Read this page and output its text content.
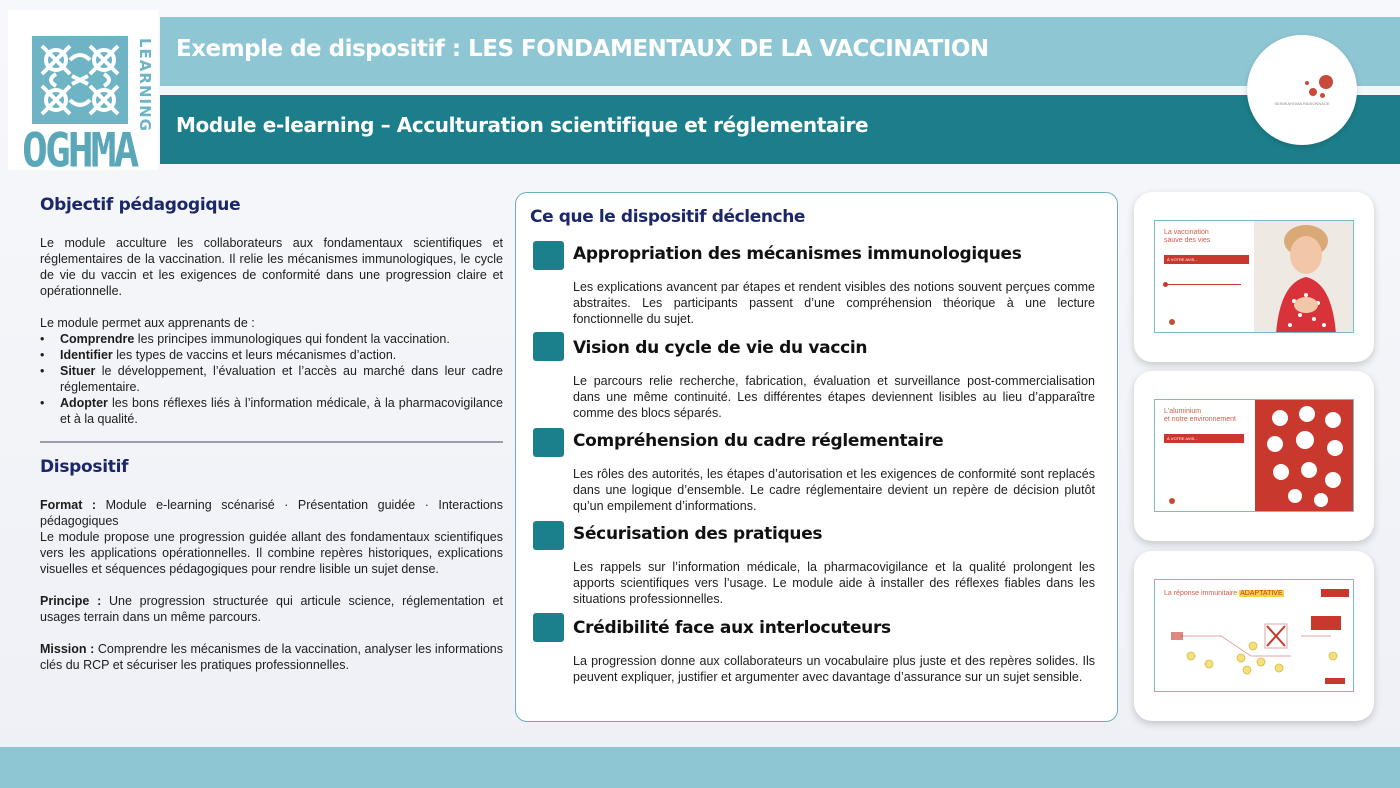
Exemple de dispositif : LES FONDAMENTAUX DE LA VACCINATION
Module e-learning – Acculturation scientifique et réglementaire
LEARNING
OGHMA
SEINIKAHOMA RAISONNAGE
Objectif pédagogique
Le module acculture les collaborateurs aux fondamentaux scientifiques et réglementaires de la vaccination. Il relie les mécanismes immunologiques, le cycle de vie du vaccin et les exigences de conformité dans une progression claire et opérationnelle.
Le module permet aux apprenants de :
• Comprendre les principes immunologiques qui fondent la vaccination.
• Identifier les types de vaccins et leurs mécanismes d’action.
• Situer le développement, l’évaluation et l’accès au marché dans leur cadre réglementaire.
• Adopter les bons réflexes liés à l’information médicale, à la pharmacovigilance et à la qualité.
Dispositif
Format : Module e-learning scénarisé · Présentation guidée · Interactions pédagogiques
Le module propose une progression guidée allant des fondamentaux scientifiques vers les applications opérationnelles. Il combine repères historiques, explications visuelles et séquences pédagogiques pour rendre lisible un sujet dense.
Principe : Une progression structurée qui articule science, réglementation et usages terrain dans un même parcours.
Mission : Comprendre les mécanismes de la vaccination, analyser les informations clés du RCP et sécuriser les pratiques professionnelles.
Ce que le dispositif déclenche
Appropriation des mécanismes immunologiques
Les explications avancent par étapes et rendent visibles des notions souvent perçues comme abstraites. Les participants passent d’une compréhension théorique à une lecture fonctionnelle du sujet.
Vision du cycle de vie du vaccin
Le parcours relie recherche, fabrication, évaluation et surveillance post-commercialisation dans une même continuité. Les différentes étapes deviennent lisibles au lieu d’apparaître comme des blocs séparés.
Compréhension du cadre réglementaire
Les rôles des autorités, les étapes d’autorisation et les exigences de conformité sont replacés dans une logique d’ensemble. Le cadre réglementaire devient un repère de décision plutôt qu’un empilement d’informations.
Sécurisation des pratiques
Les rappels sur l’information médicale, la pharmacovigilance et la qualité prolongent les apports scientifiques vers l’usage. Le module aide à installer des réflexes fiables dans les situations professionnelles.
Crédibilité face aux interlocuteurs
La progression donne aux collaborateurs un vocabulaire plus juste et des repères solides. Ils peuvent expliquer, justifier et argumenter avec davantage d’assurance sur un sujet sensible.
La vaccination
sauve des vies
À VOTRE AVIS...
L'aluminium
et notre environnement
À VOTRE AVIS...
La réponse immunitaire ADAPTATIVE
